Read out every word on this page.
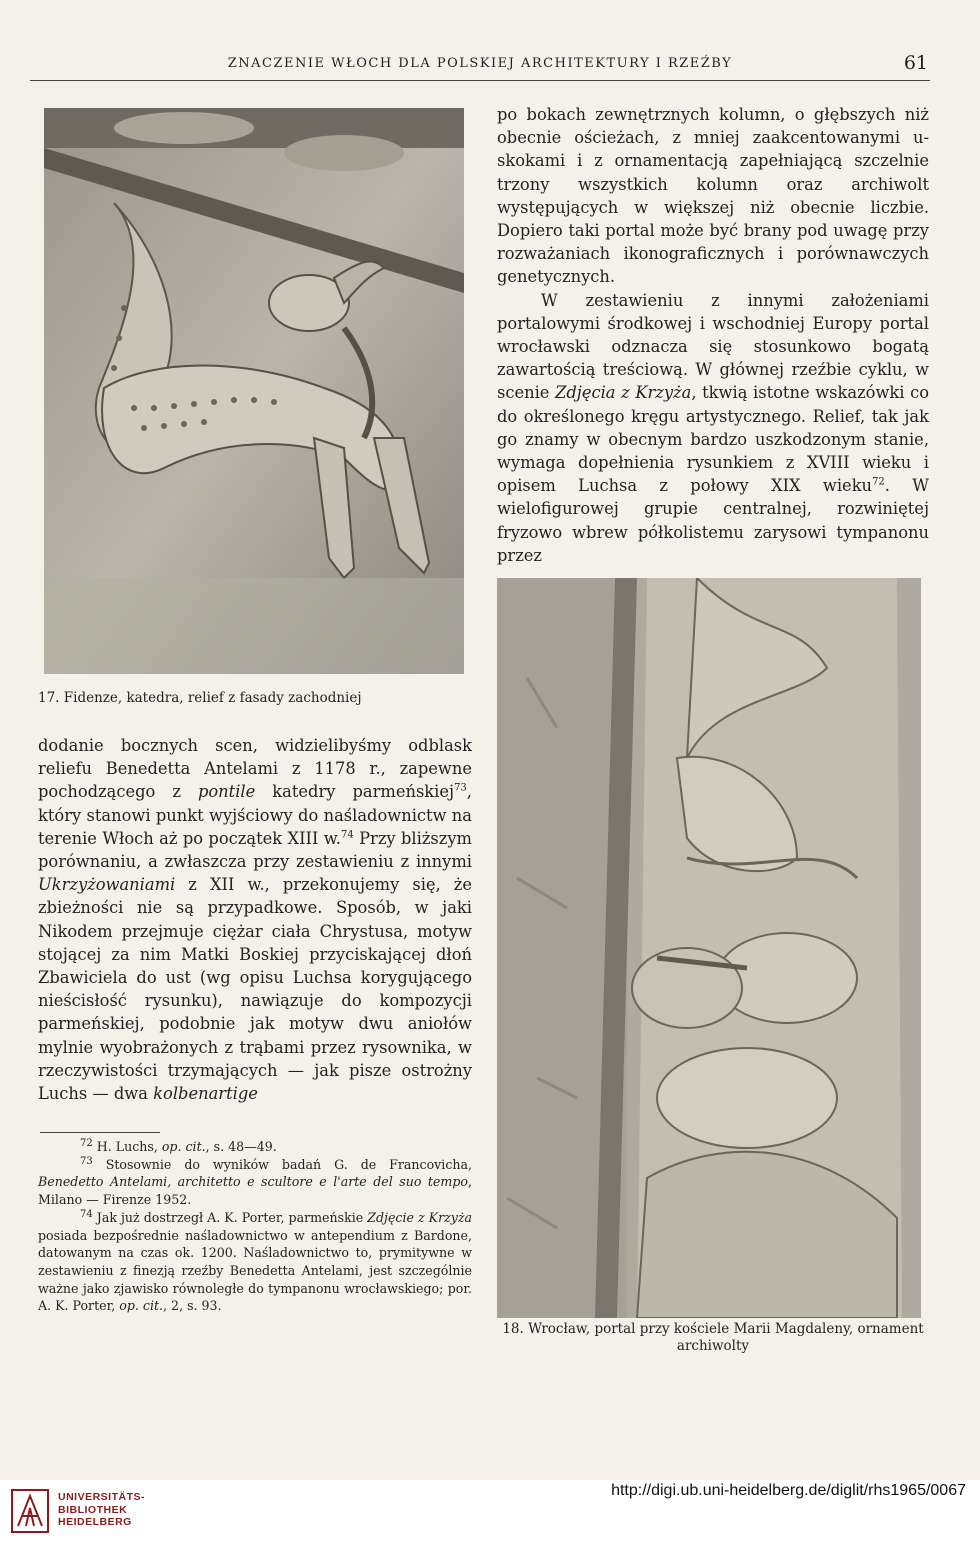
ZNACZENIE WŁOCH DLA POLSKIEJ ARCHITEKTURY I RZEŹBY	61
17. Fidenze, katedra, relief z fasady zachodniej

po bokach zewnętrznych kolumn, o głębszych niż obecnie ościeżach, z mniej zaakcentowanymi u-skokami i z ornamentacją zapełniającą szczelnie trzony wszystkich kolumn oraz archiwolt występujących w większej niż obecnie liczbie. Dopiero taki portal może być brany pod uwagę przy rozważaniach ikonograficznych i porównawczych genetycznych.

W zestawieniu z innymi założeniami portalowymi środkowej i wschodniej Europy portal wrocławski odznacza się stosunkowo bogatą zawartością treściową. W głównej rzeźbie cyklu, w scenie Zdjęcia z Krzyża, tkwią istotne wskazówki co do określonego kręgu artystycznego. Relief, tak jak go znamy w obecnym bardzo uszkodzonym stanie, wymaga dopełnienia rysunkiem z XVIII wieku i opisem Luchsa z połowy XIX wieku$^{72}$. W wielofigurowej grupie centralnej, rozwiniętej fryzowo wbrew półkolistemu zarysowi tympanonu przez

18. Wrocław, portal przy kościele Marii Magdaleny, ornament archiwolty

dodanie bocznych scen, widzielibyśmy odblask reliefu Benedetta Antelami z 1178 r., zapewne pochodzącego z pontile katedry parmeńskiej$^{73}$, który stanowi punkt wyjściowy do naśladownictw na terenie Włoch aż po początek XIII w.$^{74}$ Przy bliższym porównaniu, a zwłaszcza przy zestawieniu z innymi Ukrzyżowaniami z XII w., przekonujemy się, że zbieżności nie są przypadkowe. Sposób, w jaki Nikodem przejmuje ciężar ciała Chrystusa, motyw stojącej za nim Matki Boskiej przyciskającej dłoń Zbawiciela do ust (wg opisu Luchsa korygującego nieścisłość rysunku), nawiązuje do kompozycji parmeńskiej, podobnie jak motyw dwu aniołów mylnie wyobrażonych z trąbami przez rysownika, w rzeczywistości trzymających — jak pisze ostrożny Luchs — dwa kolbenartige

$^{72}$ H. Luchs, op. cit., s. 48—49.

$^{73}$ Stosownie do wyników badań G. de Francovicha, Benedetto Antelami, architetto e scultore e l'arte del suo tempo, Milano — Firenze 1952.

$^{74}$ Jak już dostrzegł A. K. Porter, parmeńskie Zdjęcie z Krzyża posiada bezpośrednie naśladownictwo w antependium z Bardone, datowanym na czas ok. 1200. Naśladownictwo to, prymitywne w zestawieniu z finezją rzeźby Benedetta Antelami, jest szczególnie ważne jako zjawisko równoległe do tympanonu wrocławskiego; por. A. K. Porter, op. cit., 2, s. 93.

UNIVERSITÄTS-
BIBLIOTHEK
HEIDELBERG
http://digi.ub.uni-heidelberg.de/diglit/rhs1965/0067
